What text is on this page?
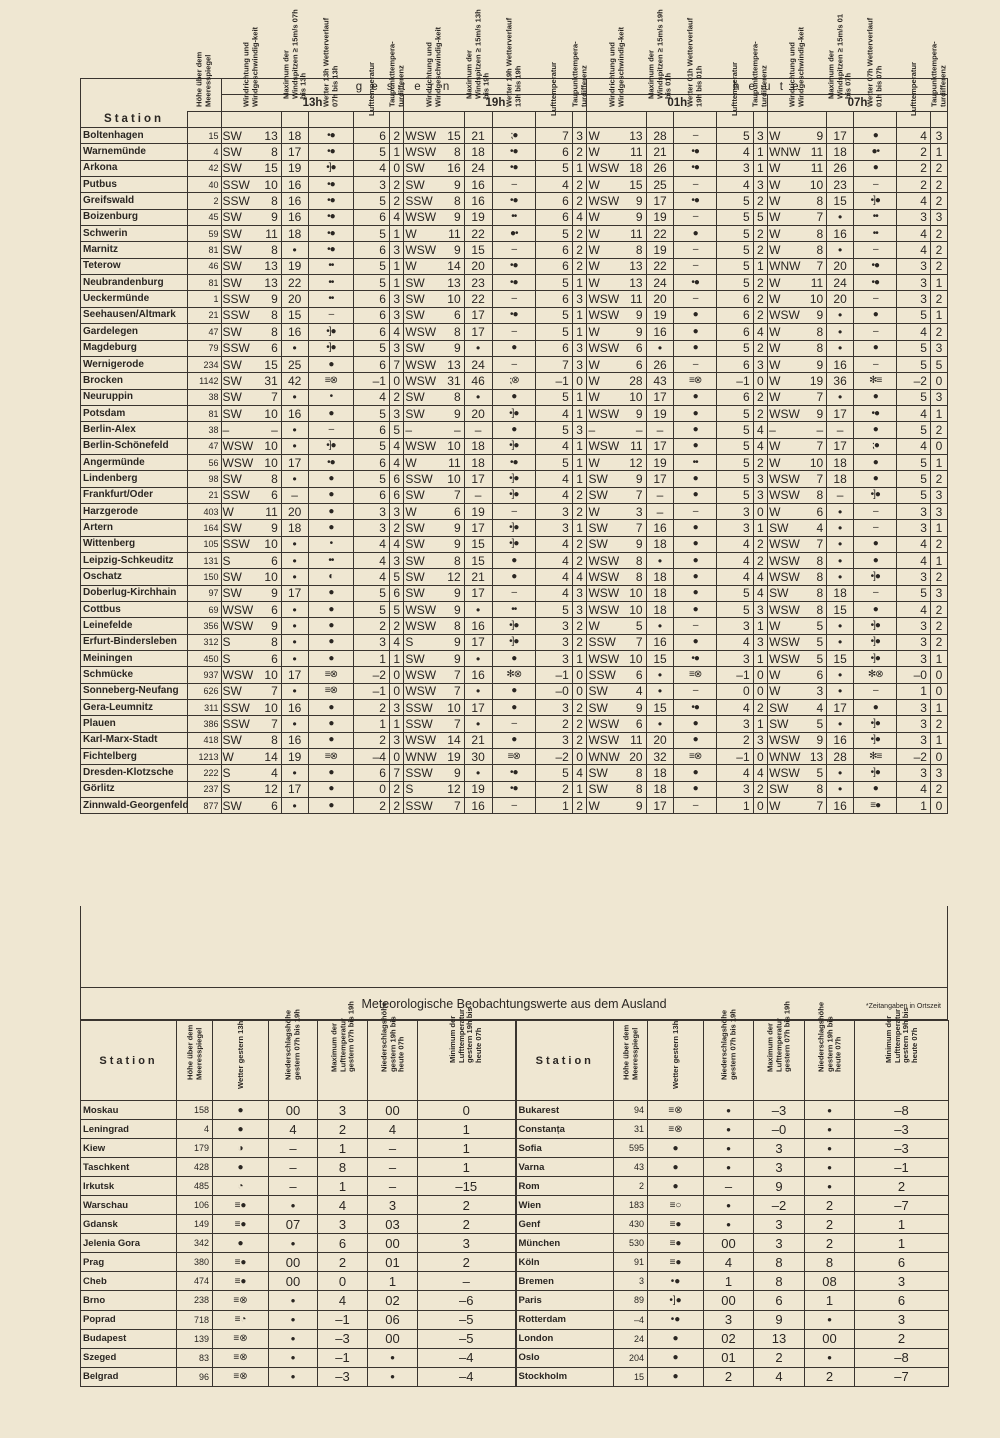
		g e s t e r n												h e u t e											
		13h						19h						01h						07h					
Station	Höhe über dem Meeresspiegel	Windrichtung und Windgeschwindig-keit		Maximum der Windspitzen ≥ 15m/s 07h bis 13h	Wetter 13h Wetterverlauf 07h bis 13h	Lufttemperatur	Taupunkttempera-turdifferenz	Windrichtung und Windgeschwindig-keit		Maximum der Windspitzen ≥ 15m/s 13h bis 19h	Wetter 19h Wetterverlauf 13h bis 19h	Lufttemperatur	Taupunkttempera-turdifferenz	Windrichtung und Windgeschwindig-keit		Maximum der Windspitzen ≥ 15m/s 19h bis 01h	Wetter 01h Wetterverlauf 19h bis 01h	Lufttemperatur	Taupunkttempera-turdifferenz	Windrichtung und Windgeschwindig-keit		Maximum der Windspitzen ≥ 15m/s 01 bis 07h	Wetter 07h Wetterverlauf 01h bis 07h	Lufttemperatur	Taupunkttempera-turdifferenz

Boltenhagen	15	SW	13	18	•●	6	2	WSW	15	21	⁏●	7	3	W	13	28	–	5	3	W	9	17	●	4	3
Warnemünde	4	SW	8	17	•●	5	1	WSW	8	18	•●	6	2	W	11	21	•●	4	1	WNW	11	18	●•	2	1
Arkona	42	SW	15	19	•]●	4	0	SW	16	24	•●	5	1	WSW	18	26	•●	3	1	W	11	26	●	2	2
Putbus	40	SSW	10	16	•●	3	2	SW	9	16	–	4	2	W	15	25	–	4	3	W	10	23	–	2	2
Greifswald	2	SSW	8	16	•●	5	2	SSW	8	16	•●	6	2	WSW	9	17	•●	5	2	W	8	15	•]●	4	2
Boizenburg	45	SW	9	16	•●	6	4	WSW	9	19	••	6	4	W	9	19	–	5	5	W	7	•	••	3	3
Schwerin	59	SW	11	18	•●	5	1	W	11	22	●•	5	2	W	11	22	●	5	2	W	8	16	••	4	2
Marnitz	81	SW	8	•	•●	6	3	WSW	9	15	–	6	2	W	8	19	–	5	2	W	8	•	–	4	2
Teterow	46	SW	13	19	••	5	1	W	14	20	•●	6	2	W	13	22	–	5	1	WNW	7	20	•●	3	2
Neubrandenburg	81	SW	13	22	••	5	1	SW	13	23	•●	5	1	W	13	24	•●	5	2	W	11	24	•●	3	1
Ueckermünde	1	SSW	9	20	••	6	3	SW	10	22	–	6	3	WSW	11	20	–	6	2	W	10	20	–	3	2
Seehausen/Altmark	21	SSW	8	15	–	6	3	SW	6	17	•●	5	1	WSW	9	19	●	6	2	WSW	9	•	●	5	1
Gardelegen	47	SW	8	16	•]●	6	4	WSW	8	17	–	5	1	W	9	16	●	6	4	W	8	•	–	4	2
Magdeburg	79	SSW	6	•	•]●	5	3	SW	9	•	●	6	3	WSW	6	•	●	5	2	W	8	•	●	5	3
Wernigerode	234	SW	15	25	●	6	7	WSW	13	24	–	7	3	W	6	26	–	6	3	W	9	16	–	5	5
Brocken	1142	SW	31	42	≡⊗	–1	0	WSW	31	46	⁏⊗	–1	0	W	28	43	≡⊗	–1	0	W	19	36	✻≡	–2	0
Neuruppin	38	SW	7	•	•	4	2	SW	8	•	●	5	1	W	10	17	●	6	2	W	7	•	●	5	3
Potsdam	81	SW	10	16	●	5	3	SW	9	20	•]●	4	1	WSW	9	19	●	5	2	WSW	9	17	•●	4	1
Berlin-Alex	38	–	–	•	–	6	5	–	–	–	●	5	3	–	–	–	●	5	4	–	–	–	●	5	2
Berlin-Schönefeld	47	WSW	10	•	•]●	5	4	WSW	10	18	•]●	4	1	WSW	11	17	●	5	4	W	7	17	⁏●	4	0
Angermünde	56	WSW	10	17	•●	6	4	W	11	18	•●	5	1	W	12	19	••	5	2	W	10	18	●	5	1
Lindenberg	98	SW	8	•	●	5	6	SSW	10	17	•]●	4	1	SW	9	17	●	5	3	WSW	7	18	●	5	2
Frankfurt/Oder	21	SSW	6	–	●	6	6	SW	7	–	•]●	4	2	SW	7	–	●	5	3	WSW	8	–	•]●	5	3
Harzgerode	403	W	11	20	●	3	3	W	6	19	–	3	2	W	3	–	–	3	0	W	6	•	–	3	3
Artern	164	SW	9	18	●	3	2	SW	9	17	•]●	3	1	SW	7	16	●	3	1	SW	4	•	–	3	1
Wittenberg	105	SSW	10	•	•	4	4	SW	9	15	•]●	4	2	SW	9	18	●	4	2	WSW	7	•	●	4	2
Leipzig-Schkeuditz	131	S	6	•	••	4	3	SW	8	15	●	4	2	WSW	8	•	●	4	2	WSW	8	•	●	4	1
Oschatz	150	SW	10	•	◐	4	5	SW	12	21	●	4	4	WSW	8	18	●	4	4	WSW	8	•	•]●	3	2
Doberlug-Kirchhain	97	SW	9	17	●	5	6	SW	9	17	–	4	3	WSW	10	18	●	5	4	SW	8	18	–	5	3
Cottbus	69	WSW	6	•	●	5	5	WSW	9	•	••	5	3	WSW	10	18	●	5	3	WSW	8	15	●	4	2
Leinefelde	356	WSW	9	•	●	2	2	WSW	8	16	•]●	3	2	W	5	•	–	3	1	W	5	•	•]●	3	2
Erfurt-Bindersleben	312	S	8	•	●	3	4	S	9	17	•]●	3	2	SSW	7	16	●	4	3	WSW	5	•	•]●	3	2
Meiningen	450	S	6	•	●	1	1	SW	9	•	●	3	1	WSW	10	15	•●	3	1	WSW	5	15	•]●	3	1
Schmücke	937	WSW	10	17	≡⊗	–2	0	WSW	7	16	✻⊗	–1	0	SSW	6	•	≡⊗	–1	0	W	6	•	✻⊗	–0	0
Sonneberg-Neufang	626	SW	7	•	≡⊗	–1	0	WSW	7	•	●	–0	0	SW	4	•	–	0	0	W	3	•	–	1	0
Gera-Leumnitz	311	SSW	10	16	●	2	3	SSW	10	17	●	3	2	SW	9	15	•●	4	2	SW	4	17	●	3	1
Plauen	386	SSW	7	•	●	1	1	SSW	7	•	–	2	2	WSW	6	•	●	3	1	SW	5	•	•]●	3	2
Karl-Marx-Stadt	418	SW	8	16	●	2	3	WSW	14	21	●	3	2	WSW	11	20	●	2	3	WSW	9	16	•]●	3	1
Fichtelberg	1213	W	14	19	≡⊗	–4	0	WNW	19	30	≡⊗	–2	0	WNW	20	32	≡⊗	–1	0	WNW	13	28	✻≡	–2	0
Dresden-Klotzsche	222	S	4	•	●	6	7	SSW	9	•	•●	5	4	SW	8	18	●	4	4	WSW	5	•	•]●	3	3
Görlitz	237	S	12	17	●	0	2	S	12	19	•●	2	1	SW	8	18	●	3	2	SW	8	•	●	4	2
Zinnwald-Georgenfeld	877	SW	6	•	●	2	2	SSW	7	16	–	1	2	W	9	17	–	1	0	W	7	16	≡●	1	0
Meteorologische Beobachtungswerte aus dem Ausland	*Zeitangaben in Ortszeit
Station	Höhe über dem Meeresspiegel	Wetter gestern 13h	Niederschlagshöhe gestern 07h bis 19h	Maximum der Lufttemperatur gestern 07h bis 19h	Niederschlagshöhe gestern 19h bis heute 07h	Minimum der Lufttemperatur gestern 19h bis heute 07h	Station	Höhe über dem Meeresspiegel	Wetter gestern 13h	Niederschlagshöhe gestern 07h bis 19h	Maximum der Lufttemperatur gestern 07h bis 19h	Niederschlagshöhe gestern 19h bis heute 07h	Minimum der Lufttemperatur gestern 19h bis heute 07h

Moskau	158	●	00	3	00	0	Bukarest	94	≡⊗	•	–3	•	–8
Leningrad	4	●	4	2	4	1	Constanța	31	≡⊗	•	–0	•	–3
Kiew	179	◑	–	1	–	1	Sofia	595	●	•	3	•	–3
Taschkent	428	●	–	8	–	1	Varna	43	●	•	3	•	–1
Irkutsk	485	◔	–	1	–	–15	Rom	2	●	–	9	•	2
Warschau	106	≡●	•	4	3	2	Wien	183	≡○	•	–2	2	–7
Gdansk	149	≡●	07	3	03	2	Genf	430	≡●	•	3	2	1
Jelenia Gora	342	●	•	6	00	3	München	530	≡●	00	3	2	1
Prag	380	≡●	00	2	01	2	Köln	91	≡●	4	8	8	6
Cheb	474	≡●	00	0	1	–	Bremen	3	•●	1	8	08	3
Brno	238	≡⊗	•	4	02	–6	Paris	89	•]●	00	6	1	6
Poprad	718	≡◔	•	–1	06	–5	Rotterdam	–4	•●	3	9	•	3
Budapest	139	≡⊗	•	–3	00	–5	London	24	●	02	13	00	2
Szeged	83	≡⊗	•	–1	•	–4	Oslo	204	●	01	2	•	–8
Belgrad	96	≡⊗	•	–3	•	–4	Stockholm	15	●	2	4	2	–7
